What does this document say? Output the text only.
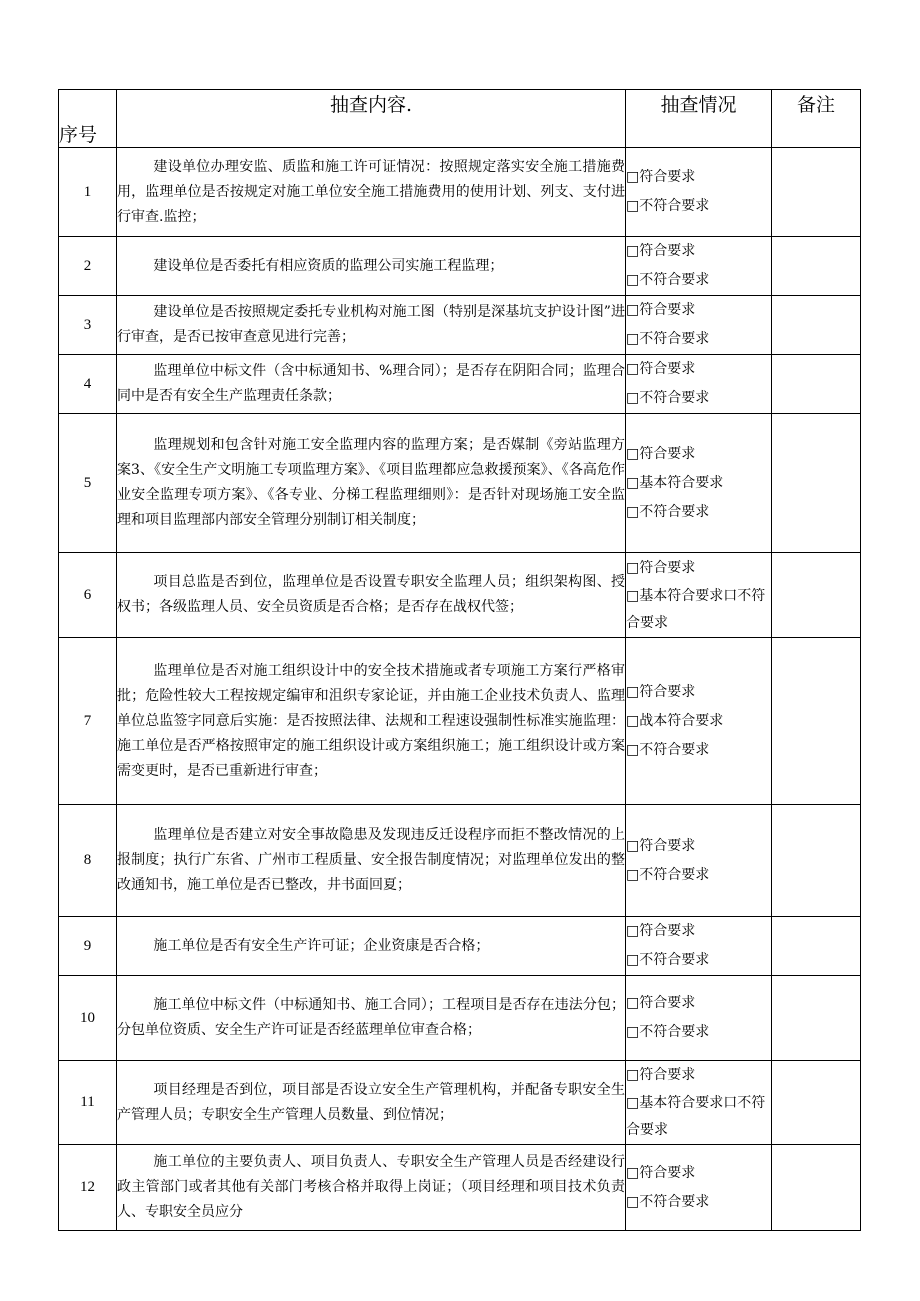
序号	抽查内容.	抽查情况	备注
1	建设单位办理安监、质监和施工许可证情况：按照规定落实安全施工措施费用，监理单位是否按规定对施工单位安全施工措施费用的使用计划、列支、支付进行审查.监控；	□符合要求
□不符合要求	

2	建设单位是否委托有相应资质的监理公司实施工程监理；	□符合要求
□不符合要求	

3	建设单位是否按照规定委托专业机构对施工图（特别是深基坑支护设计图”进行审查，是否已按审查意见进行完善；	□符合要求
□不符合要求	

4	监理单位中标文件（含中标通知书、%理合同）；是否存在阴阳合同；监理合同中是否有安全生产监理责任条款；	□符合要求
□不符合要求	

5	监理规划和包含针对施工安全监理内容的监理方案；是否媒制《旁站监理方案3、《安全生产文明施工专项监理方案》、《项目监理都应急救援预案》、《各高危作业安全监理专项方案》、《各专业、分梯工程监理细则》：是否针对现场施工安全监理和项目监理部内部安全管理分别制订相关制度；	□符合要求
□基本符合要求
□不符合要求	

6	项目总监是否到位，监理单位是否设置专职安全监理人员；组织架构图、授权书；各级监理人员、安全员资质是否合格；是否存在战权代签；	□符合要求
□基本符合要求口不符合要求	

7	监理单位是否对施工组织设计中的安全技术措施或者专项施工方案行严格审批；危险性较大工程按规定编审和沮织专家论证，并由施工企业技术负责人、监理单位总监签字同意后实施：是否按照法律、法规和工程速设强制性标准实施监理：施工单位是否严格按照审定的施工组织设计或方案组织施工；施工组织设计或方案需变更时，是否已重新进行审查；	□符合要求
□战本符合要求
□不符合要求	

8	监理单位是否建立对安全事故隐患及发现违反迁设程序而拒不整改情况的上报制度；执行广东省、广州市工程质量、安全报告制度情况；对监理单位发出的整改通知书，施工单位是否已整改，井书面回夏；	□符合要求
□不符合要求	

9	施工单位是否有安全生产许可证；企业资康是否合格；	□符合要求
□不符合要求	

10	施工单位中标文件（中标通知书、施工合同）；工程项目是否存在违法分包；分包单位资质、安全生产许可证是否经蓝理单位审查合格；	□符合要求
□不符合要求	

11	项目经理是否到位，项目部是否设立安全生产管理机构，并配备专职安全生产管理人员；专职安全生产管理人员数量、到位情况；	□符合要求
□基本符合要求口不符合要求	

12	施工单位的主要负责人、项目负责人、专职安全生产管理人员是否经建设行政主管部门或者其他有关部门考核合格并取得上岗证；（项目经理和项目技术负责人、专职安全员应分	□符合要求
□不符合要求	
